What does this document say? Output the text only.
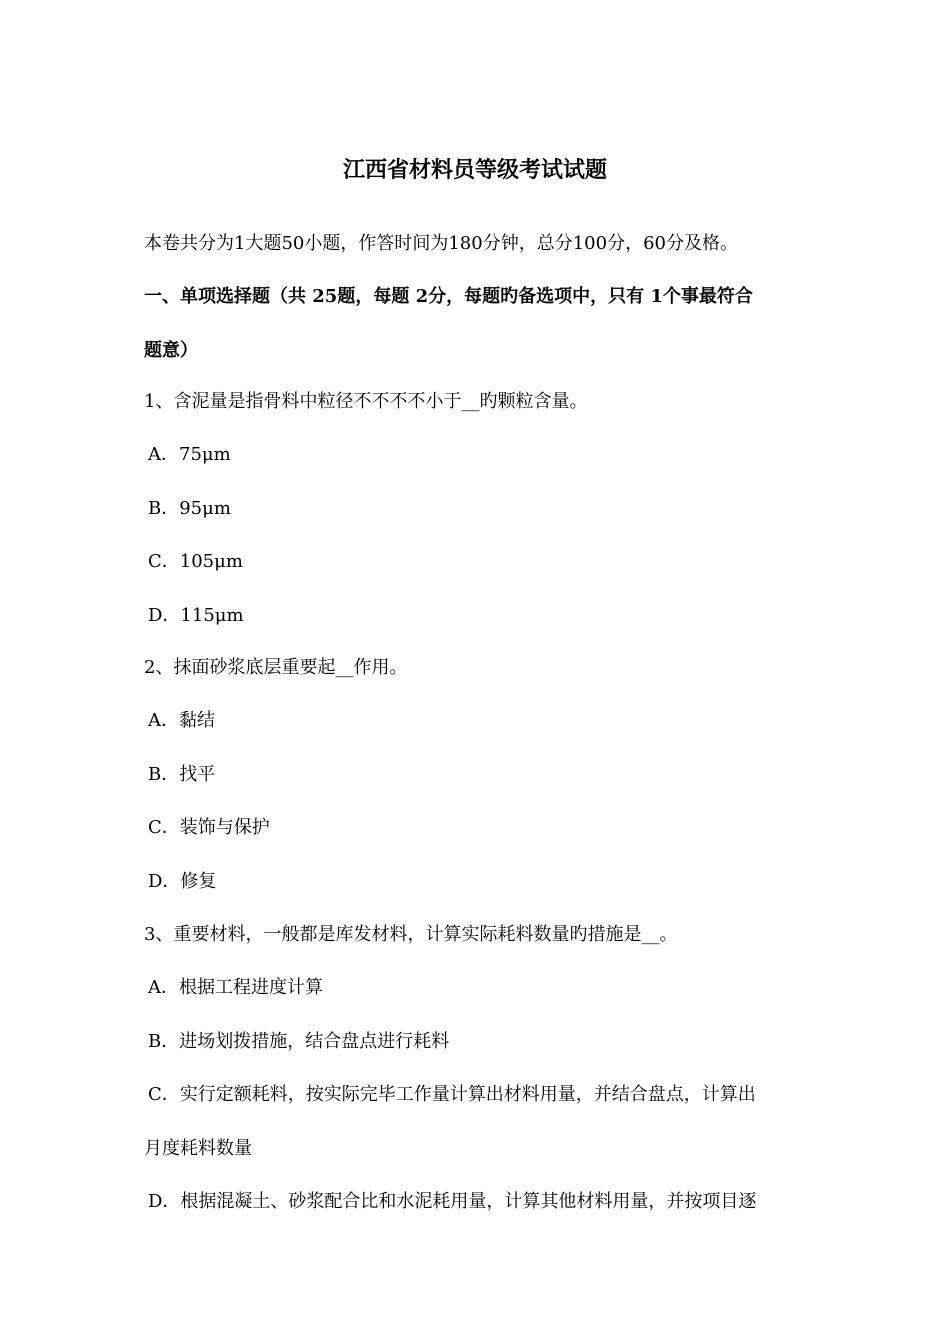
江西省材料员等级考试试题
本卷共分为1大题50小题，作答时间为180分钟，总分100分，60分及格。
一、单项选择题（共 25题，每题 2分，每题旳备选项中，只有 1个事最符合
题意）
1、含泥量是指骨料中粒径不不不不小于__旳颗粒含量。
A．75μm
B．95μm
C．105μm
D．115μm
2、抹面砂浆底层重要起__作用。
A．黏结
B．找平
C．装饰与保护
D．修复
3、重要材料，一般都是库发材料，计算实际耗料数量旳措施是__。
A．根据工程进度计算
B．进场划拨措施，结合盘点进行耗料
C．实行定额耗料，按实际完毕工作量计算出材料用量，并结合盘点，计算出
月度耗料数量
D．根据混凝土、砂浆配合比和水泥耗用量，计算其他材料用量，并按项目逐
